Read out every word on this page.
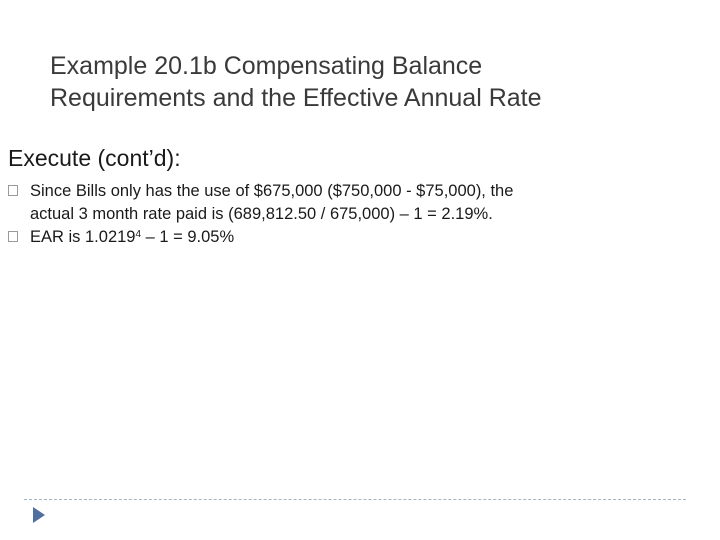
Example 20.1b Compensating Balance
Requirements and the Effective Annual Rate
Execute (cont’d):
Since Bills only has the use of $675,000 ($750,000 - $75,000), the
actual 3 month rate paid is (689,812.50 / 675,000) – 1 = 2.19%.
EAR is 1.0219$^4$ – 1 = 9.05%
